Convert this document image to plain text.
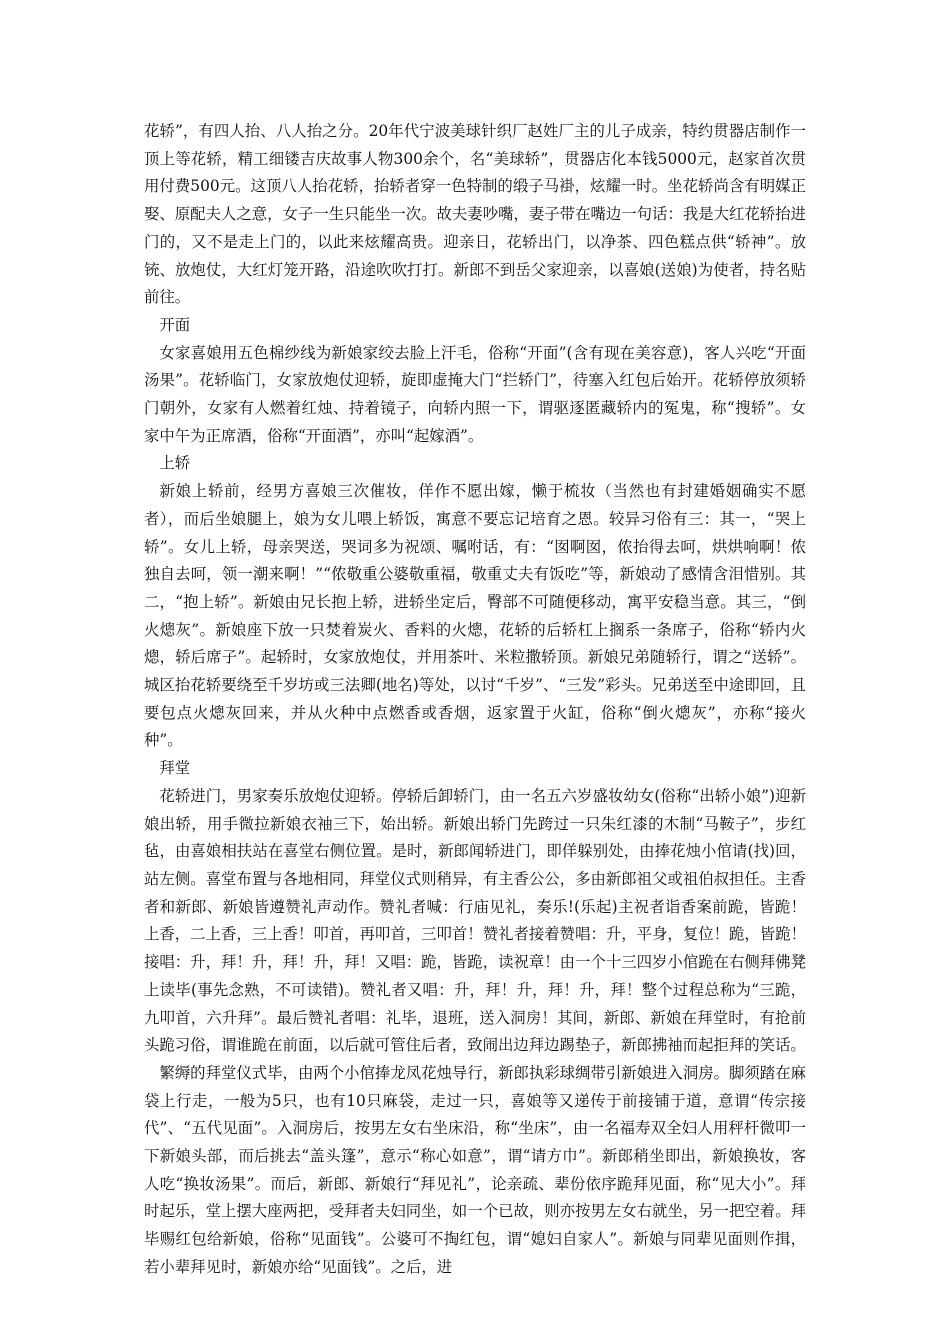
花轿”，有四人抬、八人抬之分。20年代宁波美球针织厂赵姓厂主的儿子成亲，特约贯器店制作一顶上等花轿，精工细镂吉庆故事人物300余个，名“美球轿”，贯器店化本钱5000元，赵家首次贯用付费500元。这顶八人抬花轿，抬轿者穿一色特制的缎子马褂，炫耀一时。坐花轿尚含有明媒正娶、原配夫人之意，女子一生只能坐一次。故夫妻吵嘴，妻子带在嘴边一句话：我是大红花轿抬进门的，又不是走上门的，以此来炫耀高贵。迎亲日，花轿出门，以净茶、四色糕点供“轿神”。放铳、放炮仗，大红灯笼开路，沿途吹吹打打。新郎不到岳父家迎亲，以喜娘(送娘)为使者，持名贴前往。

开面

女家喜娘用五色棉纱线为新娘家绞去脸上汗毛，俗称“开面”(含有现在美容意)，客人兴吃“开面汤果”。花轿临门，女家放炮仗迎轿，旋即虚掩大门“拦轿门”，待塞入红包后始开。花轿停放须轿门朝外，女家有人燃着红烛、持着镜子，向轿内照一下，谓驱逐匿藏轿内的冤鬼，称“搜轿”。女家中午为正席酒，俗称“开面酒”，亦叫“起嫁酒”。

上轿

新娘上轿前，经男方喜娘三次催妆，佯作不愿出嫁，懒于梳妆（当然也有封建婚姻确实不愿者），而后坐娘腿上，娘为女儿喂上轿饭，寓意不要忘记培育之恩。较异习俗有三：其一，“哭上轿”。女儿上轿，母亲哭送，哭词多为祝颂、嘱咐话，有：“囡啊囡，侬抬得去呵，烘烘响啊！侬独自去呵，领一潮来啊！”“侬敬重公婆敬重福，敬重丈夫有饭吃”等，新娘动了感情含泪惜别。其二，“抱上轿”。新娘由兄长抱上轿，进轿坐定后，臀部不可随便移动，寓平安稳当意。其三，“倒火熜灰”。新娘座下放一只焚着炭火、香料的火熜，花轿的后轿杠上搁系一条席子，俗称“轿内火熜，轿后席子”。起轿时，女家放炮仗，并用茶叶、米粒撒轿顶。新娘兄弟随轿行，谓之“送轿”。城区抬花轿要绕至千岁坊或三法卿(地名)等处，以讨“千岁”、“三发”彩头。兄弟送至中途即回，且要包点火熜灰回来，并从火种中点燃香或香烟，返家置于火缸，俗称“倒火熜灰”，亦称“接火种”。

拜堂

花轿进门，男家奏乐放炮仗迎轿。停轿后卸轿门，由一名五六岁盛妆幼女(俗称“出轿小娘”)迎新娘出轿，用手微拉新娘衣袖三下，始出轿。新娘出轿门先跨过一只朱红漆的木制“马鞍子”，步红毡，由喜娘相扶站在喜堂右侧位置。是时，新郎闻轿进门，即佯躲别处，由捧花烛小倌请(找)回，站左侧。喜堂布置与各地相同，拜堂仪式则稍异，有主香公公，多由新郎祖父或祖伯叔担任。主香者和新郎、新娘皆遵赞礼声动作。赞礼者喊：行庙见礼，奏乐!(乐起)主祝者诣香案前跪，皆跪！上香，二上香，三上香！叩首，再叩首，三叩首！赞礼者接着赞唱：升，平身，复位！跪，皆跪！接唱：升，拜！升，拜！升，拜！又唱：跪，皆跪，读祝章！由一个十三四岁小倌跪在右侧拜佛凳上读毕(事先念熟，不可读错)。赞礼者又唱：升，拜！升，拜！升，拜！整个过程总称为“三跪，九叩首，六升拜”。最后赞礼者唱：礼毕，退班，送入洞房！其间，新郎、新娘在拜堂时，有抢前头跪习俗，谓谁跪在前面，以后就可管住后者，致闹出边拜边踢垫子，新郎拂袖而起拒拜的笑话。

繁缛的拜堂仪式毕，由两个小倌捧龙凤花烛导行，新郎执彩球绸带引新娘进入洞房。脚须踏在麻袋上行走，一般为5只，也有10只麻袋，走过一只，喜娘等又递传于前接铺于道，意谓“传宗接代”、“五代见面”。入洞房后，按男左女右坐床沿，称“坐床”，由一名福寿双全妇人用秤杆微叩一下新娘头部，而后挑去“盖头篷”，意示“称心如意”，谓“请方巾”。新郎稍坐即出，新娘换妆，客人吃“换妆汤果”。而后，新郎、新娘行“拜见礼”，论亲疏、辈份依序跪拜见面，称“见大小”。拜时起乐，堂上摆大座两把，受拜者夫妇同坐，如一个已故，则亦按男左女右就坐，另一把空着。拜毕赐红包给新娘，俗称“见面钱”。公婆可不掏红包，谓“媳妇自家人”。新娘与同辈见面则作揖，若小辈拜见时，新娘亦给“见面钱”。之后，进
